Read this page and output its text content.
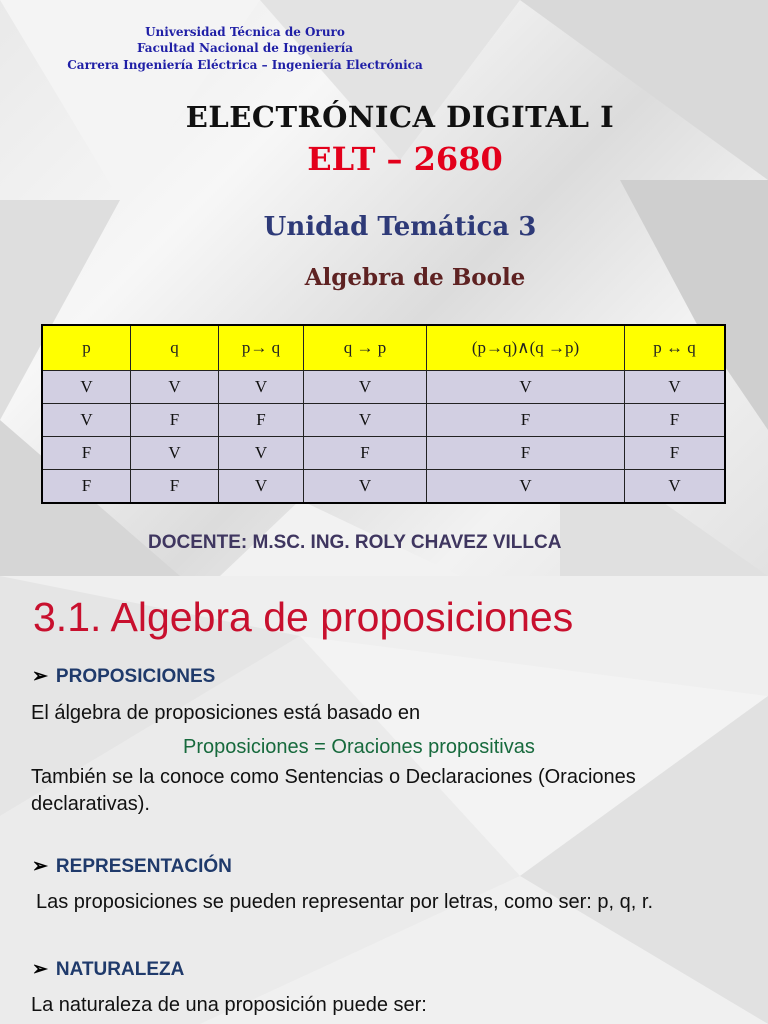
Universidad Técnica de Oruro
Facultad Nacional de Ingeniería
Carrera Ingeniería Eléctrica – Ingeniería Electrónica
ELECTRÓNICA DIGITAL I
ELT – 2680
Unidad Temática 3
Algebra de Boole
p	q	p→ q	q → p	(p→q)∧(q →p)	p ↔ q
V	V	V	V	V	V
V	F	F	V	F	F
F	V	V	F	F	F
F	F	V	V	V	V
DOCENTE: M.SC. ING. ROLY CHAVEZ VILLCA
3.1. Algebra de proposiciones
➢ PROPOSICIONES
El álgebra de proposiciones está basado en
Proposiciones = Oraciones propositivas
También se la conoce como Sentencias o Declaraciones (Oraciones declarativas).
➢ REPRESENTACIÓN
Las proposiciones se pueden representar por letras, como ser: p, q, r.
➢ NATURALEZA
La naturaleza de una proposición puede ser:
